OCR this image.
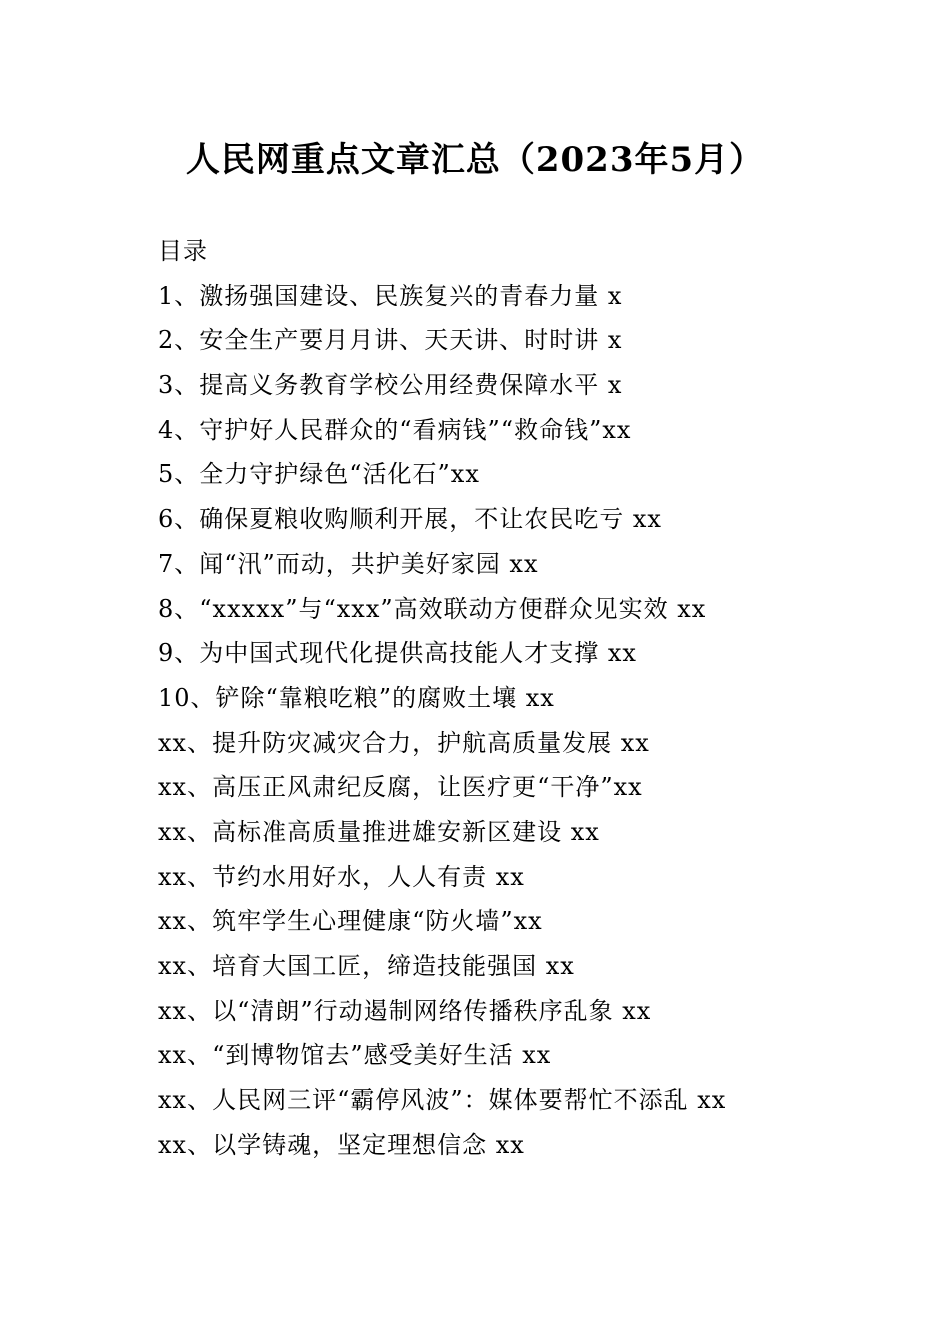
人民网重点文章汇总（2023年5月）
目录
1、激扬强国建设、民族复兴的青春力量 x
2、安全生产要月月讲、天天讲、时时讲 x
3、提高义务教育学校公用经费保障水平 x
4、守护好人民群众的“看病钱”“救命钱”xx
5、全力守护绿色“活化石”xx
6、确保夏粮收购顺利开展，不让农民吃亏 xx
7、闻“汛”而动，共护美好家园 xx
8、“xxxxx”与“xxx”高效联动方便群众见实效 xx
9、为中国式现代化提供高技能人才支撑 xx
10、铲除“靠粮吃粮”的腐败土壤 xx
xx、提升防灾减灾合力，护航高质量发展 xx
xx、高压正风肃纪反腐，让医疗更“干净”xx
xx、高标准高质量推进雄安新区建设 xx
xx、节约水用好水，人人有责 xx
xx、筑牢学生心理健康“防火墙”xx
xx、培育大国工匠，缔造技能强国 xx
xx、以“清朗”行动遏制网络传播秩序乱象 xx
xx、“到博物馆去”感受美好生活 xx
xx、人民网三评“霸停风波”：媒体要帮忙不添乱 xx
xx、以学铸魂，坚定理想信念 xx
